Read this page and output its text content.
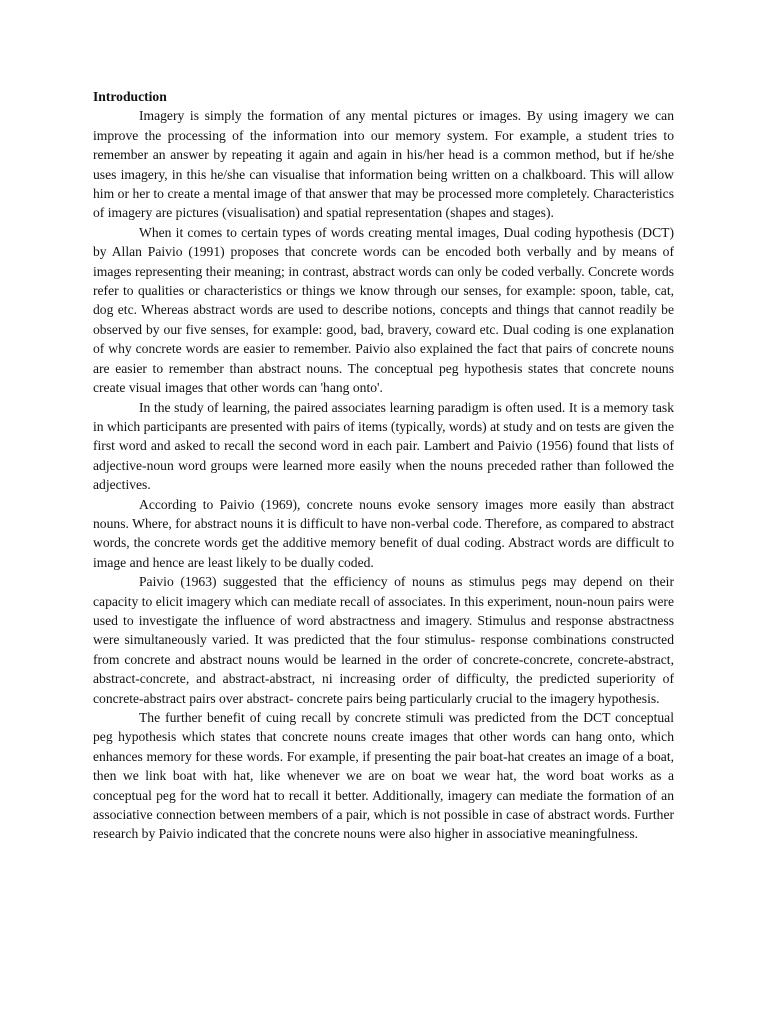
Introduction

Imagery is simply the formation of any mental pictures or images. By using imagery we can improve the processing of the information into our memory system. For example, a student tries to remember an answer by repeating it again and again in his/her head is a common method, but if he/she uses imagery, in this he/she can visualise that information being written on a chalkboard. This will allow him or her to create a mental image of that answer that may be processed more completely. Characteristics of imagery are pictures (visualisation) and spatial representation (shapes and stages).

When it comes to certain types of words creating mental images, Dual coding hypothesis (DCT) by Allan Paivio (1991) proposes that concrete words can be encoded both verbally and by means of images representing their meaning; in contrast, abstract words can only be coded verbally. Concrete words refer to qualities or characteristics or things we know through our senses, for example: spoon, table, cat, dog etc. Whereas abstract words are used to describe notions, concepts and things that cannot readily be observed by our five senses, for example: good, bad, bravery, coward etc. Dual coding is one explanation of why concrete words are easier to remember. Paivio also explained the fact that pairs of concrete nouns are easier to remember than abstract nouns. The conceptual peg hypothesis states that concrete nouns create visual images that other words can 'hang onto'.

In the study of learning, the paired associates learning paradigm is often used. It is a memory task in which participants are presented with pairs of items (typically, words) at study and on tests are given the first word and asked to recall the second word in each pair. Lambert and Paivio (1956) found that lists of adjective-noun word groups were learned more easily when the nouns preceded rather than followed the adjectives.

According to Paivio (1969), concrete nouns evoke sensory images more easily than abstract nouns. Where, for abstract nouns it is difficult to have non-verbal code. Therefore, as compared to abstract words, the concrete words get the additive memory benefit of dual coding. Abstract words are difficult to image and hence are least likely to be dually coded.

Paivio (1963) suggested that the efficiency of nouns as stimulus pegs may depend on their capacity to elicit imagery which can mediate recall of associates. In this experiment, noun-noun pairs were used to investigate the influence of word abstractness and imagery. Stimulus and response abstractness were simultaneously varied. It was predicted that the four stimulus- response combinations constructed from concrete and abstract nouns would be learned in the order of concrete-concrete, concrete-abstract, abstract-concrete, and abstract-abstract, ni increasing order of difficulty, the predicted superiority of concrete-abstract pairs over abstract- concrete pairs being particularly crucial to the imagery hypothesis.

The further benefit of cuing recall by concrete stimuli was predicted from the DCT conceptual peg hypothesis which states that concrete nouns create images that other words can hang onto, which enhances memory for these words. For example, if presenting the pair boat-hat creates an image of a boat, then we link boat with hat, like whenever we are on boat we wear hat, the word boat works as a conceptual peg for the word hat to recall it better. Additionally, imagery can mediate the formation of an associative connection between members of a pair, which is not possible in case of abstract words. Further research by Paivio indicated that the concrete nouns were also higher in associative meaningfulness.
